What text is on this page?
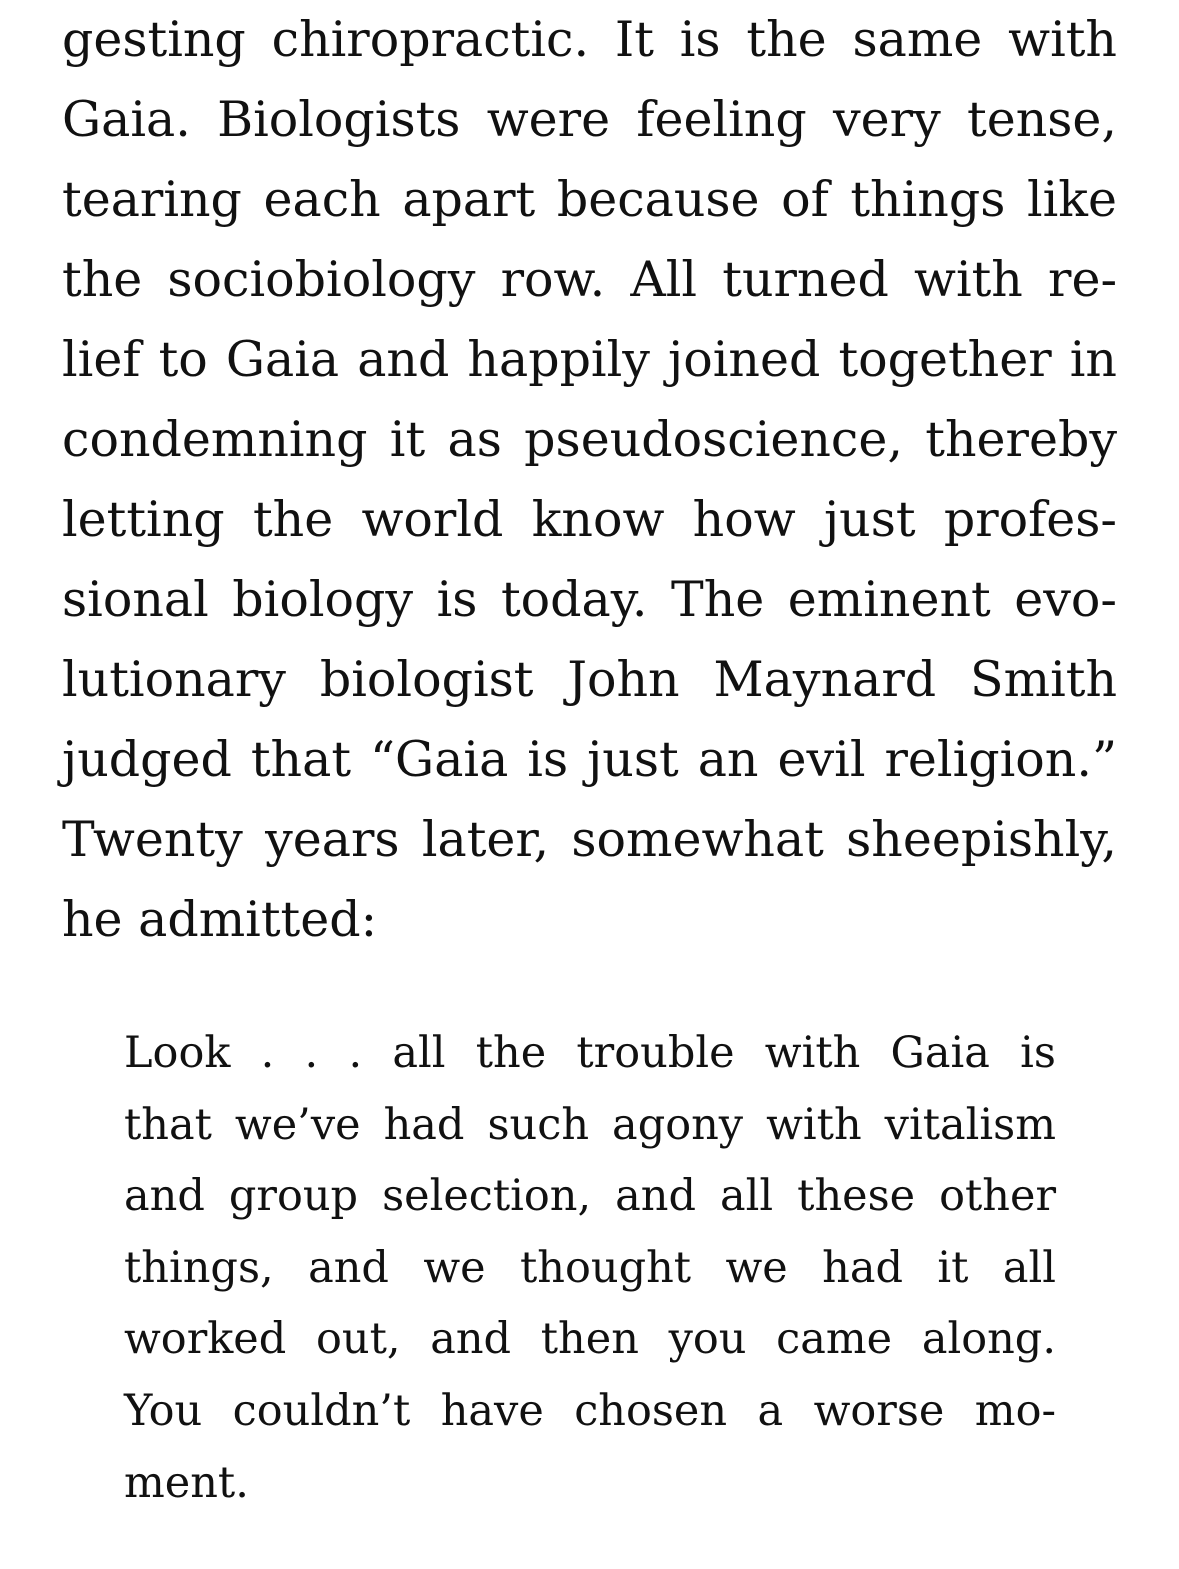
gesting chiropractic. It is the same with
Gaia. Biologists were feeling very tense,
tearing each apart because of things like
the sociobiology row. All turned with re-
lief to Gaia and happily joined together in
condemning it as pseudoscience, thereby
letting the world know how just profes-
sional biology is today. The eminent evo-
lutionary biologist John Maynard Smith
judged that “Gaia is just an evil religion.”
Twenty years later, somewhat sheepishly,
he admitted:
Look . . . all the trouble with Gaia is
that we’ve had such agony with vitalism
and group selection, and all these other
things, and we thought we had it all
worked out, and then you came along.
You couldn’t have chosen a worse mo-
ment.
